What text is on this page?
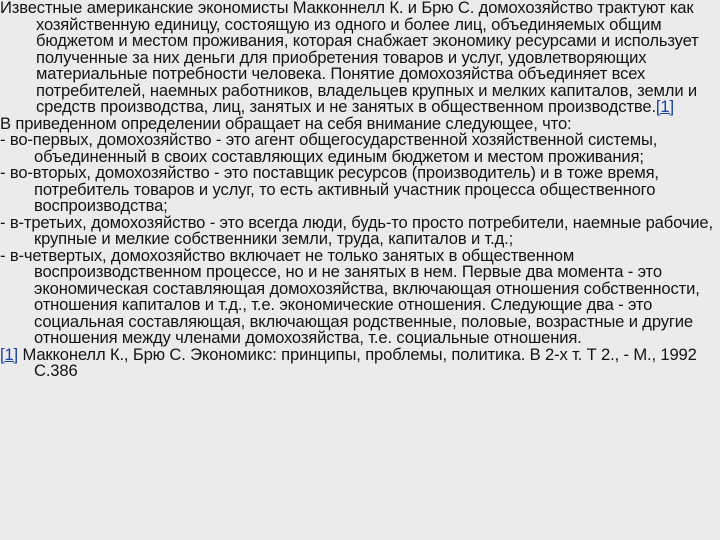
Известные американские экономисты Макконнелл К. и Брю С. домохозяйство трактуют как хозяйственную единицу, состоящую из одного и более лиц, объединяемых общим бюджетом и местом проживания, которая снабжает экономику ресурсами и использует полученные за них деньги для приобретения товаров и услуг, удовлетворяющих материальные потребности человека. Понятие домохозяйства объединяет всех потребителей, наемных работников, владельцев крупных и мелких капиталов, земли и средств производства, лиц, занятых и не занятых в общественном производстве.[1]

В приведенном определении обращает на себя внимание следующее, что:

- во-первых, домохозяйство - это агент общегосударственной хозяйственной системы, объединенный в своих составляющих единым бюджетом и местом проживания;

- во-вторых, домохозяйство - это поставщик ресурсов (производитель) и в тоже время, потребитель товаров и услуг, то есть активный участник процесса общественного воспроизводства;

- в-третьих, домохозяйство - это всегда люди, будь-то просто потребители, наемные рабочие, крупные и мелкие собственники земли, труда, капиталов и т.д.;

- в-четвертых, домохозяйство включает не только занятых в общественном воспроизводственном процессе, но и не занятых в нем. Первые два момента - это экономическая составляющая домохозяйства, включающая отношения собственности, отношения капиталов и т.д., т.е. экономические отношения. Следующие два - это социальная составляющая, включающая родственные, половые, возрастные и другие отношения между членами домохозяйства, т.е. социальные отношения.

[1] Макконелл К., Брю С. Экономикс: принципы, проблемы, политика. В 2-х т. Т 2., - М., 1992 С.386
